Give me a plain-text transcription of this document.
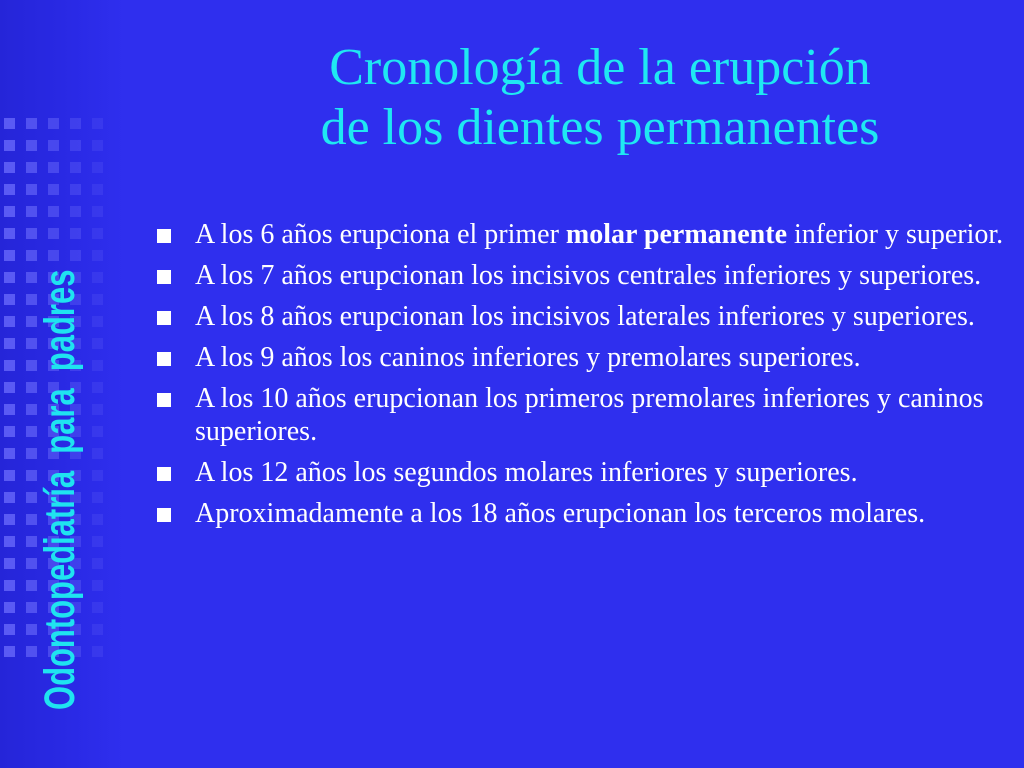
Odontopediatría  para  padres
Cronología de la erupción
de los dientes permanentes
A los 6 años erupciona el primer molar permanente inferior y superior.
A los 7 años erupcionan los incisivos centrales inferiores y superiores.
A los 8 años erupcionan los incisivos laterales inferiores y superiores.
A los 9 años los caninos inferiores y premolares superiores.
A los 10 años erupcionan los primeros premolares inferiores y caninos superiores.
A los 12 años los segundos molares inferiores y superiores.
Aproximadamente a los 18 años erupcionan los terceros molares.
